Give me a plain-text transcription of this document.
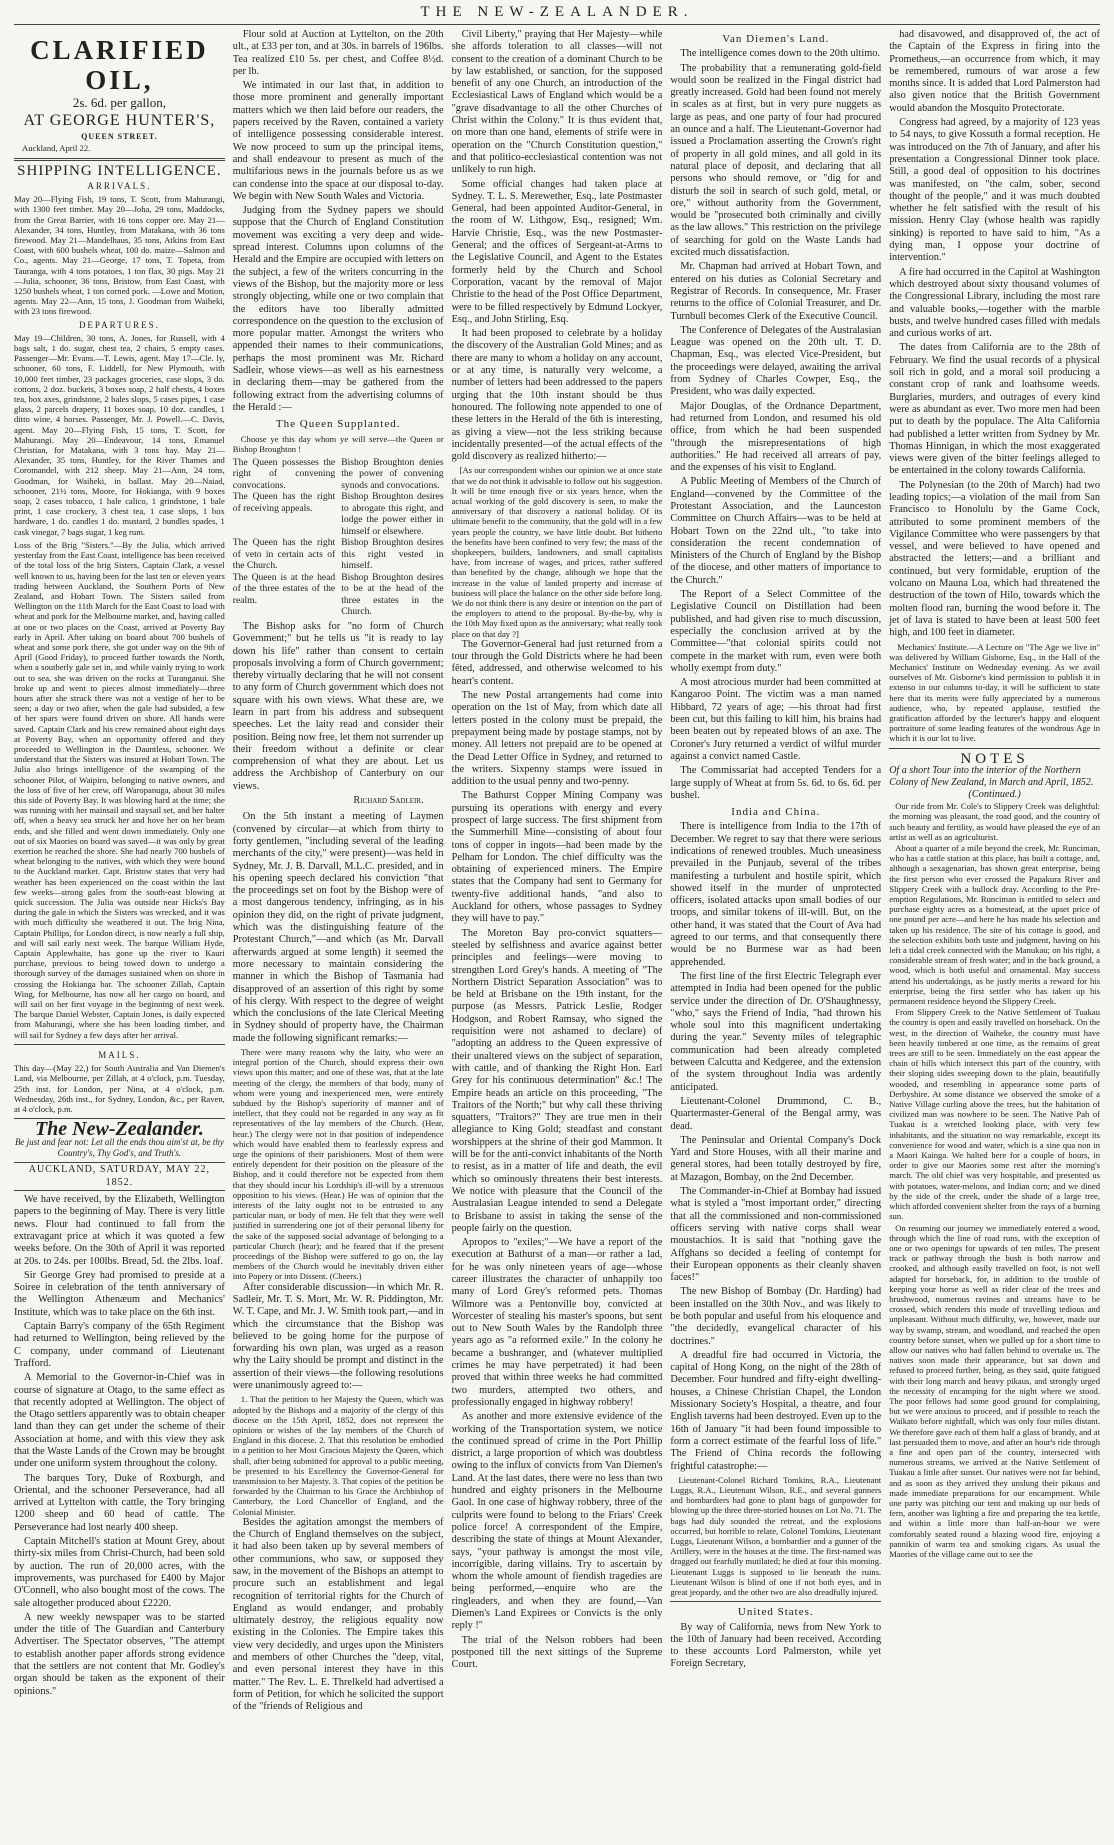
THE NEW-ZEALANDER.
CLARIFIED OIL,
2s. 6d. per gallon,
AT GEORGE HUNTER'S,
QUEEN STREET.
Auckland, April 22.
SHIPPING INTELLIGENCE.
ARRIVALS.
May 20—Flying Fish, 19 tons, T. Scott, from Mahurangi, with 1300 feet timber. May 20—Joha, 29 tons, Maddocks, from the Great Barrier, with 16 tons copper ore. May 21—Alexander, 34 tons, Huntley, from Matakana, with 36 tons firewood. May 21—Mandelhaus, 35 tons, Atkins from East Coast, with 600 bushels wheat, 100 do. maize—Salmon and Co., agents. May 21—George, 17 tons, T. Topeta, from Tauranga, with 4 tons potatoes, 1 ton flax, 30 pigs. May 21—Julia, schooner, 36 tons, Bristow, from East Coast, with 1250 bushels wheat, 1 ton corned pork. —Lowe and Motion, agents. May 22—Ann, 15 tons, J. Goodman from Waiheki, with 23 tons firewood.
DEPARTURES.
May 19—Children, 30 tons, A. Jones, for Russell, with 4 bags salt, 1 do. sugar, chest tea, 2 chairs, 5 empty cases. Passenger—Mr. Evans.—T. Lewis, agent. May 17—Cle. ly, schooner, 60 tons, F. Liddell, for New Plymouth, with 10,000 feet timber, 23 packages groceries, case slops, 3 do. cottons, 2 doz. buckets, 3 boxes soap, 2 half chests, 4 boxes tea, box axes, grindstone, 2 bales slops, 5 cases pipes, 1 case glass, 2 parcels drapery, 11 boxes soap, 10 doz. candles, 1 ditto wine, 4 horses. Passenger, Mr. J. Powell.—C. Davis, agent. May 20—Flying Fish, 15 tons, T. Scott, for Mahurangi. May 20—Endeavour, 14 tons, Emanuel Christian, for Matakana, with 3 tons hay. May 21—Alexander, 35 tons, Huntley, for the River Thames and Coromandel, with 212 sheep. May 21—Ann, 24 tons, Goodman, for Waiheki, in ballast. May 20—Naiad, schooner, 21½ tons, Moore, for Hokianga, with 9 boxes soap, 2 cases tobacco, 1 bale calico, 1 grindstone, 1 bale print, 1 case crockery, 3 chest tea, 1 case slops, 1 box hardware, 1 do. candles 1 do. mustard, 2 bundles spades, 1 cask vinegar, 7 bags sugar, 1 keg rum.
Loss of the Brig "Sisters."—By the Julia, which arrived yesterday from the East Coast, intelligence has been received of the total loss of the brig Sisters, Captain Clark, a vessel well known to us, having been for the last ten or eleven years trading between Auckland, the Southern Ports of New Zealand, and Hobart Town. The Sisters sailed from Wellington on the 11th March for the East Coast to load with wheat and pork for the Melbourne market, and, having called at one or two places on the Coast, arrived at Poverty Bay early in April. After taking on board about 700 bushels of wheat and some pork there, she got under way on the 9th of April (Good Friday), to proceed further towards the North, when a southerly gale set in, and while vainly trying to work out to sea, she was driven on the rocks at Turanganui. She broke up and went to pieces almost immediately—three hours after she struck there was not a vestige of her to be seen; a day or two after, when the gale had subsided, a few of her spars were found driven on shore. All hands were saved. Captain Clark and his crew remained about eight days at Poverty Bay, when an opportunity offered and they proceeded to Wellington in the Dauntless, schooner. We understand that the Sisters was insured at Hobart Town. The Julia also brings intelligence of the swamping of the schooner Pilot, of Waipiro, belonging to native owners, and the loss of five of her crew, off Waropanuga, about 30 miles this side of Poverty Bay. It was blowing hard at the time; she was running with her mainsail and staysail set, and her halter off, when a heavy sea struck her and hove her on her beam ends, and she filled and went down immediately. Only one out of six Maories on board was saved—it was only by great exertion he reached the shore. She had nearly 700 bushels of wheat belonging to the natives, with which they were bound to the Auckland market. Capt. Bristow states that very bad weather has been experienced on the coast within the last few weeks—strong gales from the south-east blowing at quick succession. The Julia was outside near Hicks's Bay during the gale in which the Sisters was wrecked, and it was with much difficulty she weathered it out. The brig Nina, Captain Phillips, for London direct, is now nearly a full ship, and will sail early next week. The barque William Hyde, Captain Applewhaite, has gone up the river to Kauri purchase, previous to being towed down to undergo a thorough survey of the damages sustained when on shore in crossing the Hokianga bar. The schooner Zillah, Captain Wing, for Melbourne, has now all her cargo on board, and will sail on her first voyage in the beginning of next week. The barque Daniel Webster, Captain Jones, is daily expected from Mahurangi, where she has been loading timber, and will sail for Sydney a few days after her arrival.
MAILS.
This day—(May 22,) for South Australia and Van Diemen's Land, via Melbourne, per Zillah, at 4 o'clock, p.m. Tuesday, 25th inst. for London, per Nina, at 4 o'clock, p.m. Wednesday, 26th inst., for Sydney, London, &c., per Raven, at 4 o'clock, p.m.
The New-Zealander.
Be just and fear not: Let all the ends thou aim'st at, be thy Country's, Thy God's, and Truth's.
AUCKLAND, SATURDAY, MAY 22, 1852.

We have received, by the Elizabeth, Wellington papers to the beginning of May. There is very little news. Flour had continued to fall from the extravagant price at which it was quoted a few weeks before. On the 30th of April it was reported at 20s. to 24s. per 100lbs. Bread, 5d. the 2lbs. loaf.

Sir George Grey had promised to preside at a Soiree in celebration of the tenth anniversary of the Wellington Athenæum and Mechanics' Institute, which was to take place on the 6th inst.

Captain Barry's company of the 65th Regiment had returned to Wellington, being relieved by the C company, under command of Lieutenant Trafford.

A Memorial to the Governor-in-Chief was in course of signature at Otago, to the same effect as that recently adopted at Wellington. The object of the Otago settlers apparently was to obtain cheaper land than they can get under the scheme of their Association at home, and with this view they ask that the Waste Lands of the Crown may be brought under one uniform system throughout the colony.

The barques Tory, Duke of Roxburgh, and Oriental, and the schooner Perseverance, had all arrived at Lyttelton with cattle, the Tory bringing 1200 sheep and 60 head of cattle. The Perseverance had lost nearly 400 sheep.

Captain Mitchell's station at Mount Grey, about thirty-six miles from Christ-Church, had been sold by auction. The run of 20,000 acres, with the improvements, was purchased for £400 by Major O'Connell, who also bought most of the cows. The sale altogether produced about £2220.

A new weekly newspaper was to be started under the title of The Guardian and Canterbury Advertiser. The Spectator observes, "The attempt to establish another paper affords strong evidence that the settlers are not content that Mr. Godley's organ should be taken as the exponent of their opinions."

Flour sold at Auction at Lyttelton, on the 20th ult., at £33 per ton, and at 30s. in barrels of 196lbs. Tea realized £10 5s. per chest, and Coffee 8½d. per lb.

We intimated in our last that, in addition to those more prominent and generally important matters which we then laid before our readers, the papers received by the Raven, contained a variety of intelligence possessing considerable interest. We now proceed to sum up the principal items, and shall endeavour to present as much of the multifarious news in the journals before us as we can condense into the space at our disposal to-day. We begin with New South Wales and Victoria.

Judging from the Sydney papers we should suppose that the Church of England Constitution movement was exciting a very deep and wide-spread interest. Columns upon columns of the Herald and the Empire are occupied with letters on the subject, a few of the writers concurring in the views of the Bishop, but the majority more or less strongly objecting, while one or two complain that the editors have too liberally admitted correspondence on the question to the exclusion of more popular matter. Amongst the writers who appended their names to their communications, perhaps the most prominent was Mr. Richard Sadleir, whose views—as well as his earnestness in declaring them—may be gathered from the following extract from the advertising columns of the Herald :—

The Queen Supplanted.
Choose ye this day whom ye will serve—the Queen or Bishop Broughton !
The Queen possesses the right of convening convocations.
Bishop Broughton denies the power of convening synods and convocations.
The Queen has the right of receiving appeals.
Bishop Broughton desires to abrogate this right, and lodge the power either in himself or elsewhere.
The Queen has the right of veto in certain acts of the Church.
Bishop Broughton desires this right vested in himself.
The Queen is at the head of the three estates of the realm.
Bishop Broughton desires to be at the head of the three estates in the Church.

The Bishop asks for "no form of Church Government;" but he tells us "it is ready to lay down his life" rather than consent to certain proposals involving a form of Church government; thereby virtually declaring that he will not consent to any form of Church government which does not square with his own views. What these are, we learn in part from his address and subsequent speeches. Let the laity read and consider their position. Being now free, let them not surrender up their freedom without a definite or clear comprehension of what they are about. Let us address the Archbishop of Canterbury on our views.

Richard Sadleir.

On the 5th instant a meeting of Laymen (convened by circular—at which from thirty to forty gentlemen, "including several of the leading merchants of the city," were present)—was held in Sydney, Mr. J. B. Darvall, M.L.C. presided, and in his opening speech declared his conviction "that the proceedings set on foot by the Bishop were of a most dangerous tendency, infringing, as in his opinion they did, on the right of private judgment, which was the distinguishing feature of the Protestant Church,"—and which (as Mr. Darvall afterwards argued at some length) it seemed the more necessary to maintain considering the manner in which the Bishop of Tasmania had disapproved of an assertion of this right by some of his clergy. With respect to the degree of weight which the conclusions of the late Clerical Meeting in Sydney should of property have, the Chairman made the following significant remarks:—

There were many reasons why the laity, who were an integral portion of the Church, should express their own views upon this matter; and one of these was, that at the late meeting of the clergy, the members of that body, many of whom were young and inexperienced men, were entirely subdued by the Bishop's superiority of manner and of intellect, that they could not be regarded in any way as fit representatives of the lay members of the Church. (Hear, hear.) The clergy were not in that position of independence which would have enabled them to fearlessly express and urge the opinions of their parishioners. Most of them were entirely dependent for their position on the pleasure of the Bishop, and it could therefore not be expected from them that they should incur his Lordship's ill-will by a strenuous opposition to his views. (Hear.) He was of opinion that the interests of the laity ought not to be entrusted to any particular man, or body of men. He felt that they were well justified in surrendering one jot of their personal liberty for the sake of the supposed social advantage of belonging to a particular Church (hear); and he feared that if the present proceedings of the Bishop were suffered to go on, the lay members of the Church would be inevitably driven either into Popery or into Dissent. (Cheers.)

After considerable discussion—in which Mr. R. Sadleir, Mr. T. S. Mort, Mr. W. R. Piddington, Mr. W. T. Cape, and Mr. J. W. Smith took part,—and in which the circumstance that the Bishop was believed to be going home for the purpose of forwarding his own plan, was urged as a reason why the Laity should be prompt and distinct in the assertion of their views—the following resolutions were unanimously agreed to:—

1. That the petition to her Majesty the Queen, which was adopted by the Bishops and a majority of the clergy of this diocese on the 15th April, 1852, does not represent the opinions or wishes of the lay members of the Church of England in this diocese. 2. That this resolution be embodied in a petition to her Most Gracious Majesty the Queen, which shall, after being submitted for approval to a public meeting, be presented to his Excellency the Governor-General for transmission to her Majesty. 3. That copies of the petition be forwarded by the Chairman to his Grace the Archbishop of Canterbury, the Lord Chancellor of England, and the Colonial Minister.

Besides the agitation amongst the members of the Church of England themselves on the subject, it had also been taken up by several members of other communions, who saw, or supposed they saw, in the movement of the Bishops an attempt to procure such an establishment and legal recognition of territorial rights for the Church of England as would endanger, and probably ultimately destroy, the religious equality now existing in the Colonies. The Empire takes this view very decidedly, and urges upon the Ministers and members of other Churches the "deep, vital, and even personal interest they have in this matter." The Rev. L. E. Threlkeld had advertised a form of Petition, for which he solicited the support of the "friends of Religious and

Civil Liberty," praying that Her Majesty—while she affords toleration to all classes—will not consent to the creation of a dominant Church to be by law established, or sanction, for the supposed benefit of any one Church, an introduction of the Ecclesiastical Laws of England which would be a "grave disadvantage to all the other Churches of Christ within the Colony." It is thus evident that, on more than one hand, elements of strife were in operation on the "Church Constitution question," and that politico-ecclesiastical contention was not unlikely to run high.

Some official changes had taken place at Sydney. T. L. S. Merewether, Esq., late Postmaster General, had been appointed Auditor-General, in the room of W. Lithgow, Esq., resigned; Wm. Harvie Christie, Esq., was the new Postmaster-General; and the offices of Sergeant-at-Arms to the Legislative Council, and Agent to the Estates formerly held by the Church and School Corporation, vacant by the removal of Major Christie to the head of the Post Office Department, were to be filled respectively by Edmund Lockyer, Esq., and John Stirling, Esq.

It had been proposed to celebrate by a holiday the discovery of the Australian Gold Mines; and as there are many to whom a holiday on any account, or at any time, is naturally very welcome, a number of letters had been addressed to the papers urging that the 10th instant should be thus honoured. The following note appended to one of these letters in the Herald of the 6th is interesting, as giving a view—not the less striking because incidentally presented—of the actual effects of the gold discovery as realized hitherto:—

[As our correspondent wishes our opinion we at once state that we do not think it advisable to follow out his suggestion. It will be time enough five or six years hence, when the actual working of the gold discovery is seen, to make the anniversary of that discovery a national holiday. Of its ultimate benefit to the community, that the gold will in a few years people the country, we have little doubt. But hitherto the benefits have been confined to very few; the mass of the shopkeepers, builders, landowners, and small capitalists have, from increase of wages, and prices, rather suffered than benefited by the change, although we hope that the increase in the value of landed property and increase of business will place the balance on the other side before long. We do not think there is any desire or intention on the part of the employers to attend to the proposal. By-the-by, why is the 10th May fixed upon as the anniversary; what really took place on that day ?]

The Governor-General had just returned from a tour through the Gold Districts where he had been fêted, addressed, and otherwise welcomed to his heart's content.

The new Postal arrangements had come into operation on the 1st of May, from which date all letters posted in the colony must be prepaid, the prepayment being made by postage stamps, not by money. All letters not prepaid are to be opened at the Dead Letter Office in Sydney, and returned to the writers. Sixpenny stamps were issued in addition to the usual penny and two-penny.

The Bathurst Copper Mining Company was pursuing its operations with energy and every prospect of large success. The first shipment from the Summerhill Mine—consisting of about four tons of copper in ingots—had been made by the Pelham for London. The chief difficulty was the obtaining of experienced miners. The Empire states that the Company had sent to Germany for twenty-five additional hands, "and also to Auckland for others, whose passages to Sydney they will have to pay."

The Moreton Bay pro-convict squatters—steeled by selfishness and avarice against better principles and feelings—were moving to strengthen Lord Grey's hands. A meeting of "The Northern District Separation Association" was to be held at Brisbane on the 19th instant, for the purpose (as Messrs. Patrick Leslie, Rodger Hodgson, and Robert Ramsay, who signed the requisition were not ashamed to declare) of "adopting an address to the Queen expressive of their unaltered views on the subject of separation, with cattle, and of thanking the Right Hon. Earl Grey for his continuous determination" &c.! The Empire heads an article on this proceeding, "The Traitors of the North;" but why call these thriving squatters, "Traitors?" They are true men in their allegiance to King Gold; steadfast and constant worshippers at the shrine of their god Mammon. It will be for the anti-convict inhabitants of the North to resist, as in a matter of life and death, the evil which so ominously threatens their best interests. We notice with pleasure that the Council of the Australasian League intended to send a Delegate to Brisbane to assist in taking the sense of the people fairly on the question.

Apropos to "exiles;"—We have a report of the execution at Bathurst of a man—or rather a lad, for he was only nineteen years of age—whose career illustrates the character of unhappily too many of Lord Grey's reformed pets. Thomas Wilmore was a Pentonville boy, convicted at Worcester of stealing his master's spoons, but sent out to New South Wales by the Randolph three years ago as "a reformed exile." In the colony he became a bushranger, and (whatever multiplied crimes he may have perpetrated) it had been proved that within three weeks he had committed two murders, attempted two others, and professionally engaged in highway robbery!

As another and more extensive evidence of the working of the Transportation system, we notice the continued spread of crime in the Port Phillip district, a large proportion of which was doubtless owing to the influx of convicts from Van Diemen's Land. At the last dates, there were no less than two hundred and eighty prisoners in the Melbourne Gaol. In one case of highway robbery, three of the culprits were found to belong to the Friars' Creek police force! A correspondent of the Empire, describing the state of things at Mount Alexander, says, "your pathway is amongst the most vile, incorrigible, daring villains. Try to ascertain by whom the whole amount of fiendish tragedies are being performed,—enquire who are the ringleaders, and when they are found,—Van Diemen's Land Expirees or Convicts is the only reply !"

The trial of the Nelson robbers had been postponed till the next sittings of the Supreme Court.

Van Diemen's Land.

The intelligence comes down to the 20th ultimo.

The probability that a remunerating gold-field would soon be realized in the Fingal district had greatly increased. Gold had been found not merely in scales as at first, but in very pure nuggets as large as peas, and one party of four had procured an ounce and a half. The Lieutenant-Governor had issued a Proclamation asserting the Crown's right of property in all gold mines, and all gold in its natural place of deposit, and declaring that all persons who should remove, or "dig for and disturb the soil in search of such gold, metal, or ore," without authority from the Government, would be "prosecuted both criminally and civilly as the law allows." This restriction on the privilege of searching for gold on the Waste Lands had excited much dissatisfaction.

Mr. Chapman had arrived at Hobart Town, and entered on his duties as Colonial Secretary and Registrar of Records. In consequence, Mr. Fraser returns to the office of Colonial Treasurer, and Dr. Turnbull becomes Clerk of the Executive Council.

The Conference of Delegates of the Australasian League was opened on the 20th ult. T. D. Chapman, Esq., was elected Vice-President, but the proceedings were delayed, awaiting the arrival from Sydney of Charles Cowper, Esq., the President, who was daily expected.

Major Douglas, of the Ordnance Department, had returned from London, and resumed his old office, from which he had been suspended "through the misrepresentations of high authorities." He had received all arrears of pay, and the expenses of his visit to England.

A Public Meeting of Members of the Church of England—convened by the Committee of the Protestant Association, and the Launceston Committee on Church Affairs—was to be held at Hobart Town on the 22nd ult., "to take into consideration the recent condemnation of Ministers of the Church of England by the Bishop of the diocese, and other matters of importance to the Church."

The Report of a Select Committee of the Legislative Council on Distillation had been published, and had given rise to much discussion, especially the conclusion arrived at by the Committee—"that colonial spirits could not compete in the market with rum, even were both wholly exempt from duty."

A most atrocious murder had been committed at Kangaroo Point. The victim was a man named Hibbard, 72 years of age; —his throat had first been cut, but this failing to kill him, his brains had been beaten out by repeated blows of an axe. The Coroner's Jury returned a verdict of wilful murder against a convict named Castle.

The Commissariat had accepted Tenders for a large supply of Wheat at from 5s. 6d. to 6s. 6d. per bushel.

India and China.

There is intelligence from India to the 17th of December. We regret to say that there were serious indications of renewed troubles. Much uneasiness prevailed in the Punjaub, several of the tribes manifesting a turbulent and hostile spirit, which showed itself in the murder of unprotected officers, isolated attacks upon small bodies of our troops, and similar tokens of ill-will. But, on the other hand, it was stated that the Court of Ava had agreed to our terms, and that consequently there would be no Burmese war as had been apprehended.

The first line of the first Electric Telegraph ever attempted in India had been opened for the public service under the direction of Dr. O'Shaughnessy, "who," says the Friend of India, "had thrown his whole soul into this magnificent undertaking during the year." Seventy miles of telegraphic communication had been already completed between Calcutta and Kedgeree, and the extension of the system throughout India was ardently anticipated.

Lieutenant-Colonel Drummond, C. B., Quartermaster-General of the Bengal army, was dead.

The Peninsular and Oriental Company's Dock Yard and Store Houses, with all their marine and general stores, had been totally destroyed by fire, at Mazagon, Bombay, on the 2nd December.

The Commander-in-Chief at Bombay had issued what is styled a "most important order," directing that all the commissioned and non-commissioned officers serving with native corps shall wear moustachios. It is said that "nothing gave the Affghans so decided a feeling of contempt for their European opponents as their cleanly shaven faces!"

The new Bishop of Bombay (Dr. Harding) had been installed on the 30th Nov., and was likely to be both popular and useful from his eloquence and "the decidedly, evangelical character of his doctrines."

A dreadful fire had occurred in Victoria, the capital of Hong Kong, on the night of the 28th of December. Four hundred and fifty-eight dwelling-houses, a Chinese Christian Chapel, the London Missionary Society's Hospital, a theatre, and four English taverns had been destroyed. Even up to the 16th of January "it had been found impossible to form a correct estimate of the fearful loss of life." The Friend of China records the following frightful catastrophe:—

Lieutenant-Colonel Richard Tomkins, R.A., Lieutenant Luggs, R.A., Lieutenant Wilson, R.E., and several gunners and bombardiers had gone to plant bags of gunpowder for blowing up the three three-storied houses on Lot No. 71. The bags had duly sounded the retreat, and the explosions occurred, but horrible to relate, Colonel Tomkins, Lieutenant Luggs, Lieutenant Wilson, a bombardier and a gunner of the Artillery, were in the houses at the time. The first-named was dragged out fearfully mutilated; he died at four this morning. Lieutenant Luggs is supposed to lie beneath the ruins. Lieutenant Wilson is blind of one if not both eyes, and in great jeopardy, and the other two are also dreadfully injured.
United States.

By way of California, news from New York to the 10th of January had been received. According to these accounts Lord Palmerston, while yet Foreign Secretary,

had disavowed, and disapproved of, the act of the Captain of the Express in firing into the Prometheus,—an occurrence from which, it may be remembered, rumours of war arose a few months since. It is added that Lord Palmerston had also given notice that the British Government would abandon the Mosquito Protectorate.

Congress had agreed, by a majority of 123 yeas to 54 nays, to give Kossuth a formal reception. He was introduced on the 7th of January, and after his presentation a Congressional Dinner took place. Still, a good deal of opposition to his doctrines was manifested, on "the calm, sober, second thought of the people," and it was much doubted whether he felt satisfied with the result of his mission. Henry Clay (whose health was rapidly sinking) is reported to have said to him, "As a dying man, I oppose your doctrine of intervention."

A fire had occurred in the Capitol at Washington which destroyed about sixty thousand volumes of the Congressional Library, including the most rare and valuable books,—together with the marble busts, and twelve hundred cases filled with medals and curious works of art.

The dates from California are to the 28th of February. We find the usual records of a physical soil rich in gold, and a moral soil producing a constant crop of rank and loathsome weeds. Burglaries, murders, and outrages of every kind were as abundant as ever. Two more men had been put to death by the populace. The Alta California had published a letter written from Sydney by Mr. Thomas Hinnigan, in which the most exaggerated views were given of the bitter feelings alleged to be entertained in the colony towards California.

The Polynesian (to the 20th of March) had two leading topics;—a violation of the mail from San Francisco to Honolulu by the Game Cock, attributed to some prominent members of the Vigilance Committee who were passengers by that vessel, and were believed to have opened and abstracted the letters;—and a brilliant and continued, but very formidable, eruption of the volcano on Mauna Loa, which had threatened the destruction of the town of Hilo, towards which the molten flood ran, burning the wood before it. The jet of lava is stated to have been at least 500 feet high, and 100 feet in diameter.

Mechanics' Institute.—A Lecture on "The Age we live in" was delivered by William Gisborne, Esq., in the Hall of the Mechanics' Institute on Wednesday evening. As we avail ourselves of Mr. Gisborne's kind permission to publish it in extenso in our columns to-day, it will be sufficient to state here that its merits were fully appreciated by a numerous audience, who, by repeated applause, testified the gratification afforded by the lecturer's happy and eloquent portraiture of some leading features of the wondrous Age in which it is our lot to live.
NOTES
Of a short Tour into the interior of the Northern Colony of New Zealand, in March and April, 1852.
(Continued.)

Our ride from Mr. Cole's to Slippery Creek was delightful: the morning was pleasant, the road good, and the country of such beauty and fertility, as would have pleased the eye of an artist as well as an agriculturist.

About a quarter of a mile beyond the creek, Mr. Runciman, who has a cattle station at this place, has built a cottage, and, although a sexagenarian, has shown great enterprise, being the first person who ever crossed the Papakura River and Slippery Creek with a bullock dray. According to the Pre-emption Regulations, Mr. Runciman is entitled to select and purchase eighty acres as a homestead, at the upset price of one pound per acre—and here he has made his selection and taken up his residence. The site of his cottage is good, and the selection exhibits both taste and judgment, having on his left a tidal creek connected with the Manukau; on his right, a considerable stream of fresh water; and in the back ground, a wood, which is both useful and ornamental. May success attend his undertakings, as he justly merits a reward for his enterprise, being the first settler who has taken up his permanent residence beyond the Slippery Creek.

From Slippery Creek to the Native Settlement of Tuakau the country is open and easily travelled on horseback. On the west, in the direction of Waiheke, the country must have been heavily timbered at one time, as the remains of great trees are still to be seen. Immediately on the east appear the chain of hills which intersect this part of the country, with their sloping sides sweeping down to the plain, beautifully wooded, and resembling in appearance some parts of Derbyshire. At some distance we observed the smoke of a Native Village curling above the trees, but the habitation of civilized man was nowhere to be seen. The Native Pah of Tuakau is a wretched looking place, with very few inhabitants, and the situation no way remarkable, except its convenience for wood and water, which is a sine qua non in a Maori Kainga. We halted here for a couple of hours, in order to give our Maories some rest after the morning's march. The old chief was very hospitable, and presented us with potatoes, water-melons, and Indian corn; and we dined by the side of the creek, under the shade of a large tree, which afforded convenient shelter from the rays of a burning sun.

On resuming our journey we immediately entered a wood, through which the line of road runs, with the exception of one or two openings for upwards of ten miles. The present track or pathway through the bush is both narrow and crooked, and although easily travelled on foot, is not well adapted for horseback, for, in addition to the trouble of keeping your horse as well as rider clear of the trees and brushwood, numerous ravines and streams have to be crossed, which renders this mode of travelling tedious and unpleasant. Without much difficulty, we, however, made our way by swamp, stream, and woodland, and reached the open country before sunset, when we pulled up for a short time to allow our natives who had fallen behind to overtake us. The natives soon made their appearance, but sat down and refused to proceed further, being, as they said, quite fatigued with their long march and heavy pikaus, and strongly urged the necessity of encamping for the night where we stood. The poor fellows had some good ground for complaining, but we were anxious to proceed, and if possible to reach the Waikato before nightfall, which was only four miles distant. We therefore gave each of them half a glass of brandy, and at last persuaded them to move, and after an hour's ride through a fine and open part of the country, intersected with numerous streams, we arrived at the Native Settlement of Tuakau a little after sunset. Our natives were not far behind, and as soon as they arrived they unslung their pikaus and made immediate preparations for our encampment. While one party was pitching our tent and making up our beds of fern, another was lighting a fire and preparing the tea kettle, and within a little more than half-an-hour we were comfortably seated round a blazing wood fire, enjoying a pannikin of warm tea and smoking cigars. As usual the Maories of the village came out to see the
